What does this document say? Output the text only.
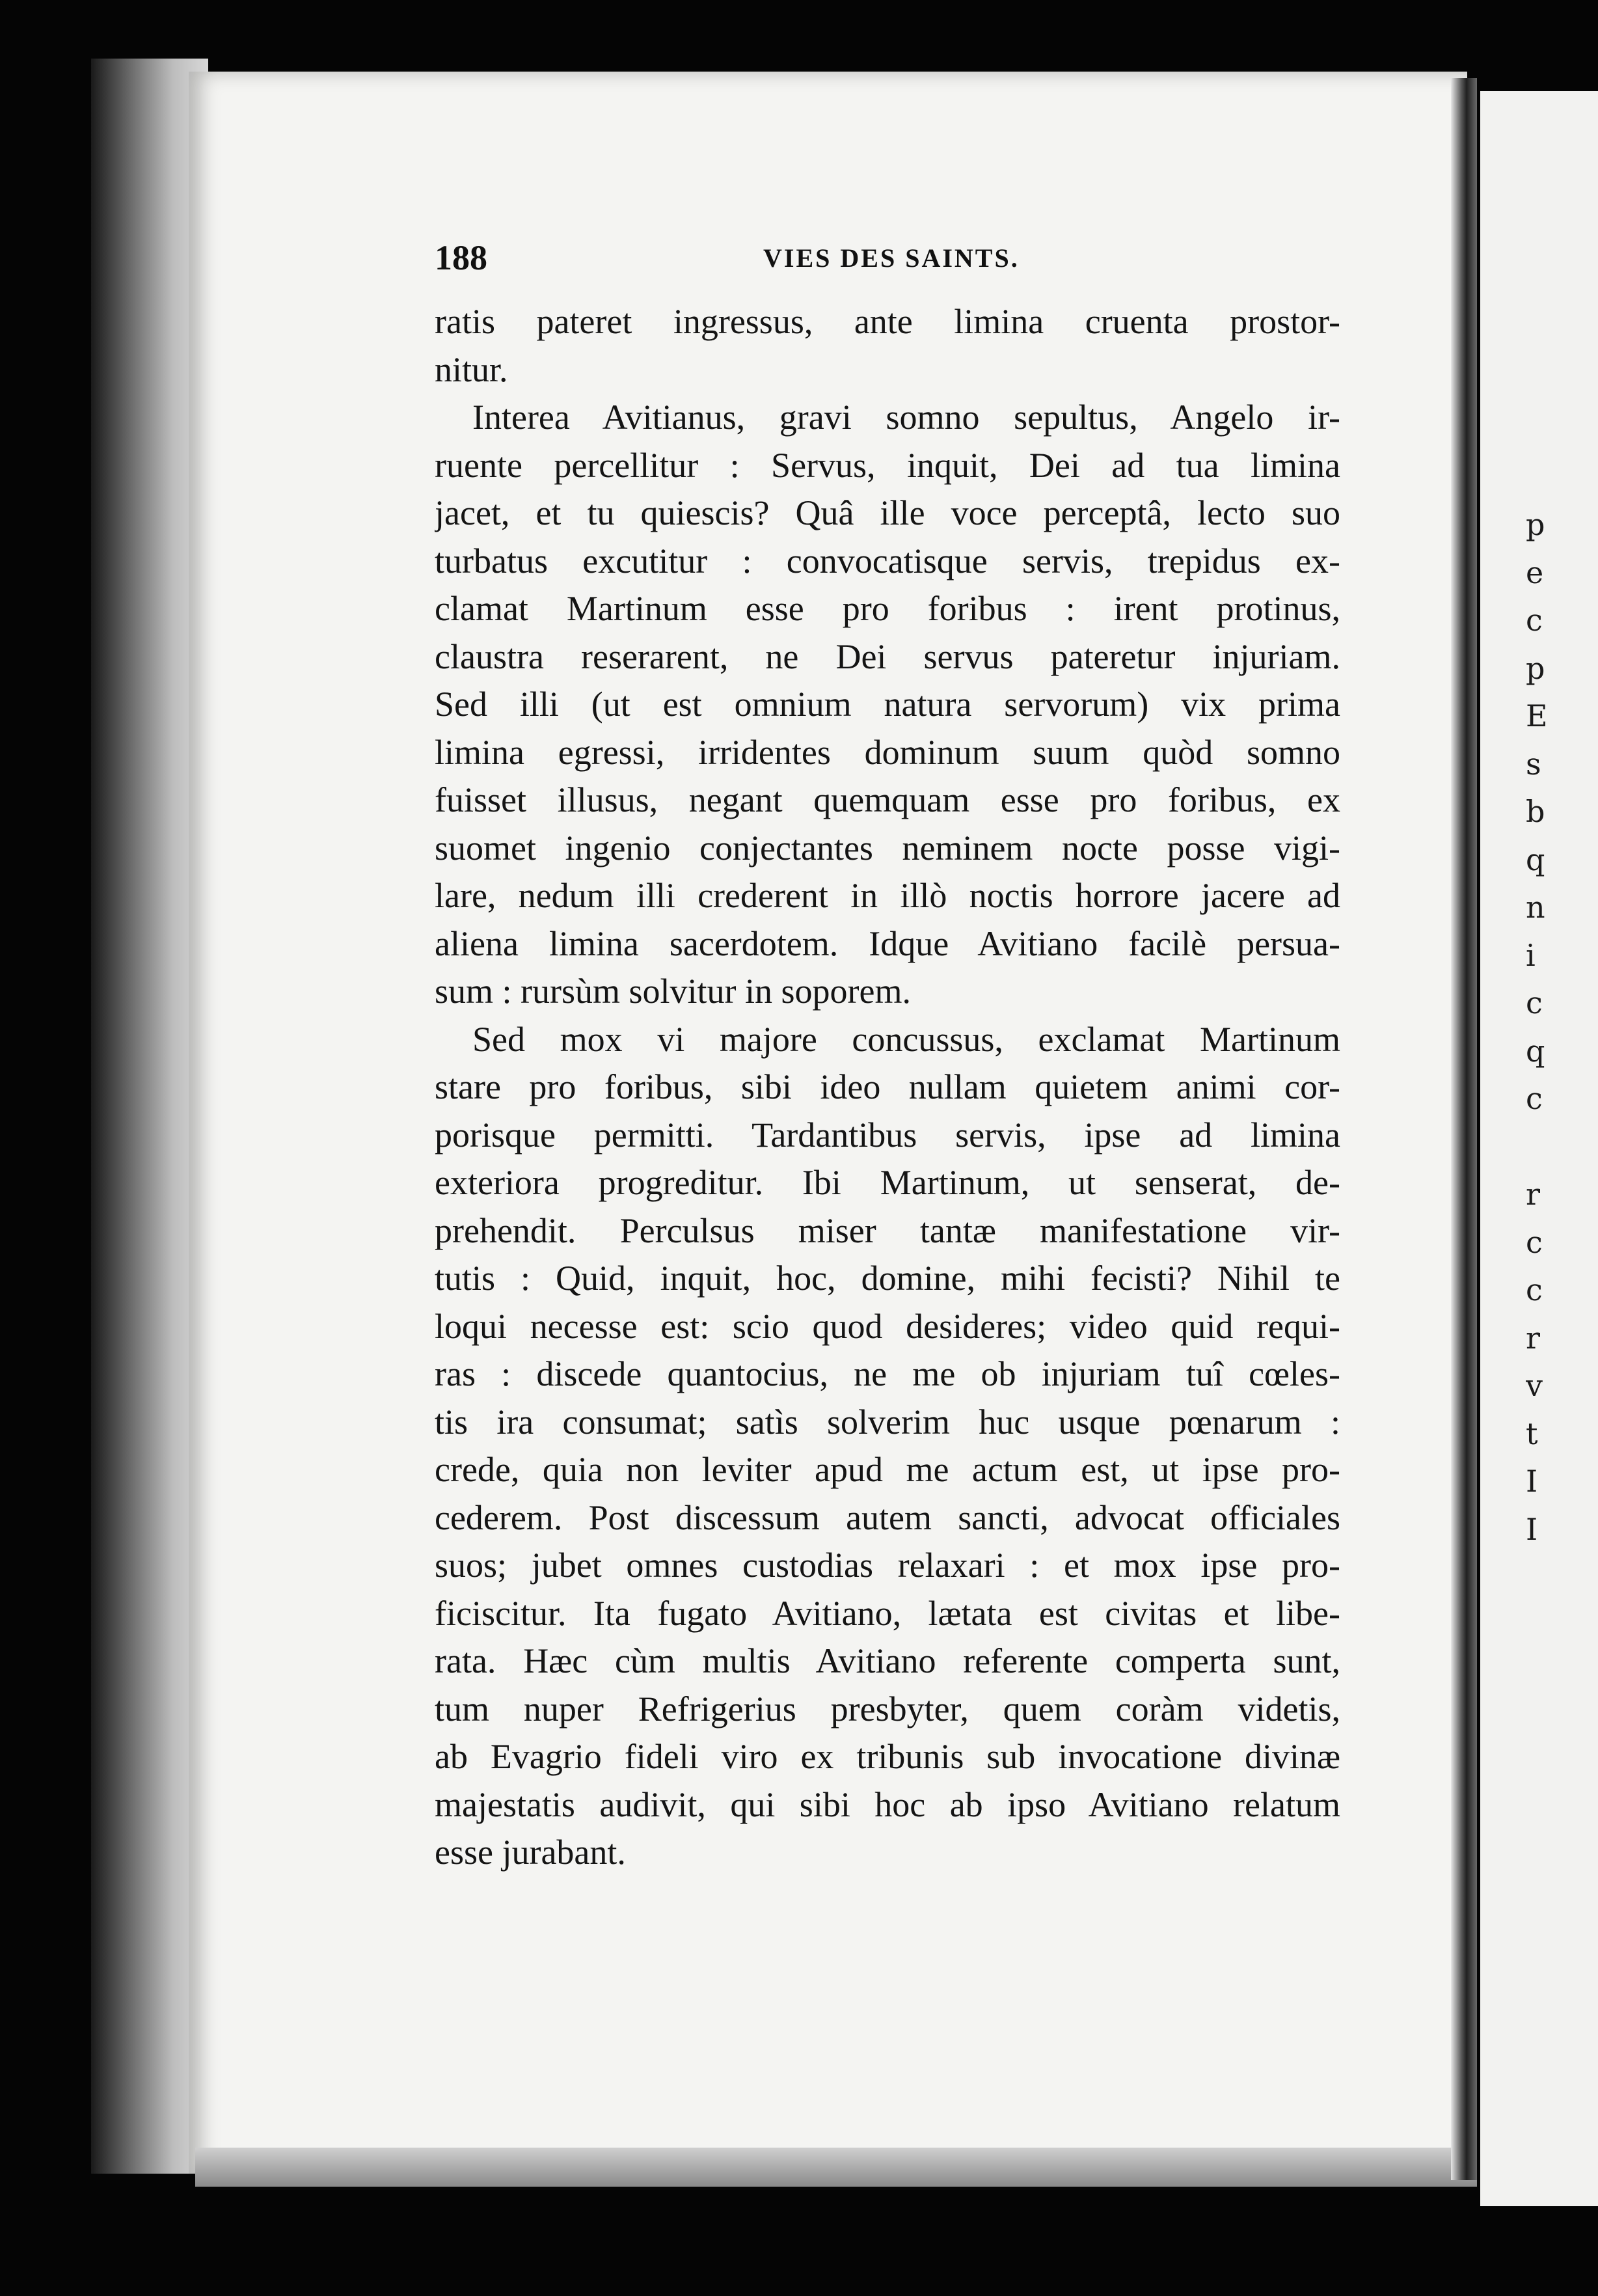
p
e
c
p
E
s
b
q
n
i
c
q
c
r
c
c
r
v
t
I
I
188	VIES DES SAINTS.
ratis pateret ingressus, ante limina cruenta prostor-
nitur.
Interea Avitianus, gravi somno sepultus, Angelo ir-
ruente percellitur : Servus, inquit, Dei ad tua limina
jacet, et tu quiescis? Quâ ille voce perceptâ, lecto suo
turbatus excutitur : convocatisque servis, trepidus ex-
clamat Martinum esse pro foribus : irent protinus,
claustra reserarent, ne Dei servus pateretur injuriam.
Sed illi (ut est omnium natura servorum) vix prima
limina egressi, irridentes dominum suum quòd somno
fuisset illusus, negant quemquam esse pro foribus, ex
suomet ingenio conjectantes neminem nocte posse vigi-
lare, nedum illi crederent in illò noctis horrore jacere ad
aliena limina sacerdotem. Idque Avitiano facilè persua-
sum : rursùm solvitur in soporem.
Sed mox vi majore concussus, exclamat Martinum
stare pro foribus, sibi ideo nullam quietem animi cor-
porisque permitti. Tardantibus servis, ipse ad limina
exteriora progreditur. Ibi Martinum, ut senserat, de-
prehendit. Perculsus miser tantæ manifestatione vir-
tutis : Quid, inquit, hoc, domine, mihi fecisti? Nihil te
loqui necesse est: scio quod desideres; video quid requi-
ras : discede quantocius, ne me ob injuriam tuî cœles-
tis ira consumat; satìs solverim huc usque pœnarum :
crede, quia non leviter apud me actum est, ut ipse pro-
cederem. Post discessum autem sancti, advocat officiales
suos; jubet omnes custodias relaxari : et mox ipse pro-
ficiscitur. Ita fugato Avitiano, lætata est civitas et libe-
rata. Hæc cùm multis Avitiano referente comperta sunt,
tum nuper Refrigerius presbyter, quem coràm videtis,
ab Evagrio fideli viro ex tribunis sub invocatione divinæ
majestatis audivit, qui sibi hoc ab ipso Avitiano relatum
esse jurabant.
